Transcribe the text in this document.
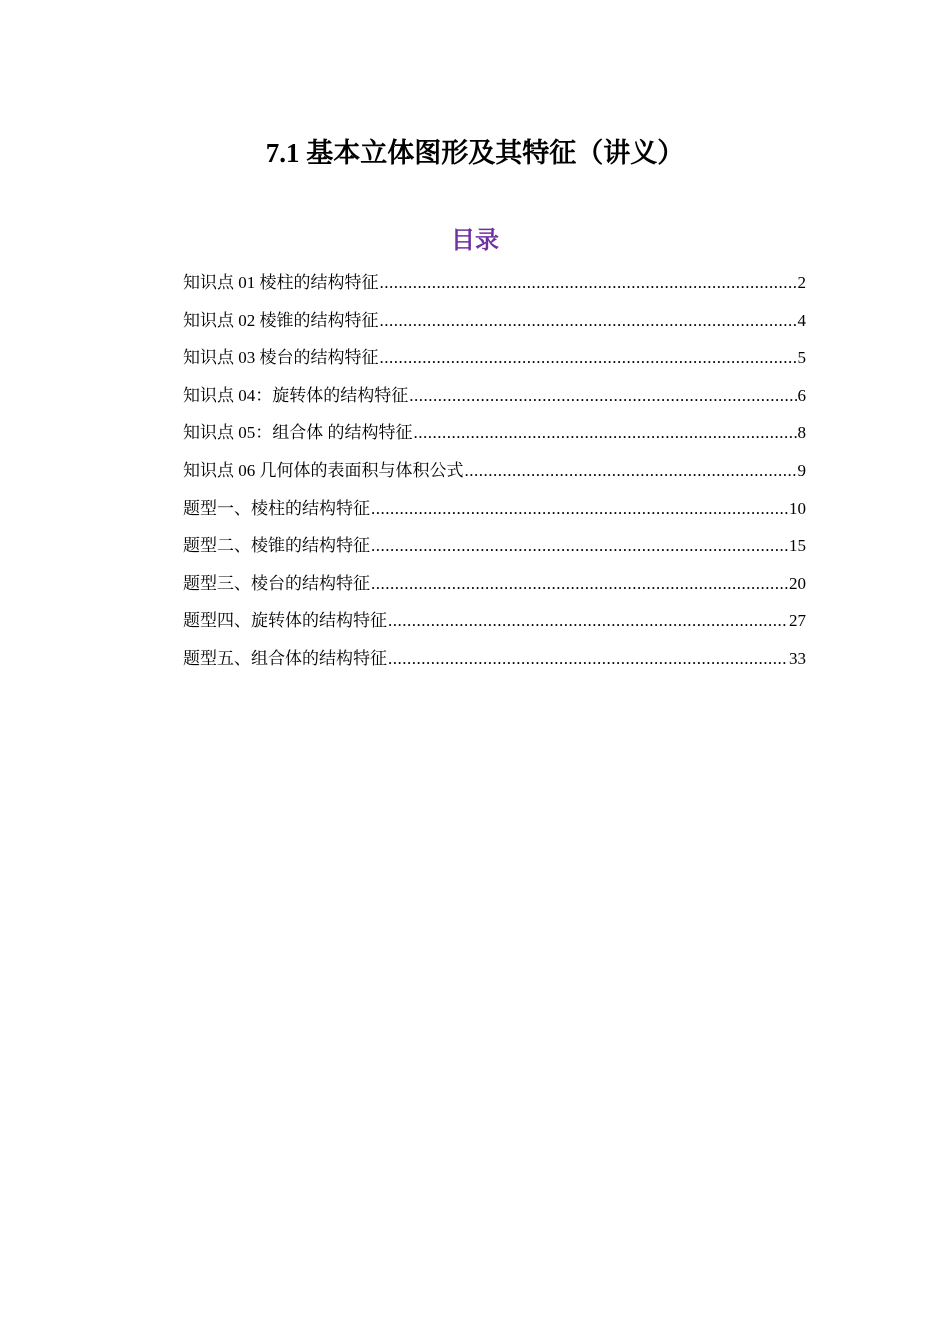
7.1 基本立体图形及其特征（讲义）
目录
知识点 01 棱柱的结构特征 .....	2
知识点 02 棱锥的结构特征 .....	4
知识点 03 棱台的结构特征 .....	5
知识点 04：旋转体的结构特征 .....	6
知识点 05：组合体 的结构特征 .....	8
知识点 06 几何体的表面积与体积公式 .....	9
题型一、棱柱的结构特征 .....	10
题型二、棱锥的结构特征 .....	15
题型三、棱台的结构特征 .....	20
题型四、旋转体的结构特征 .....	27
题型五、组合体的结构特征 .....	33
